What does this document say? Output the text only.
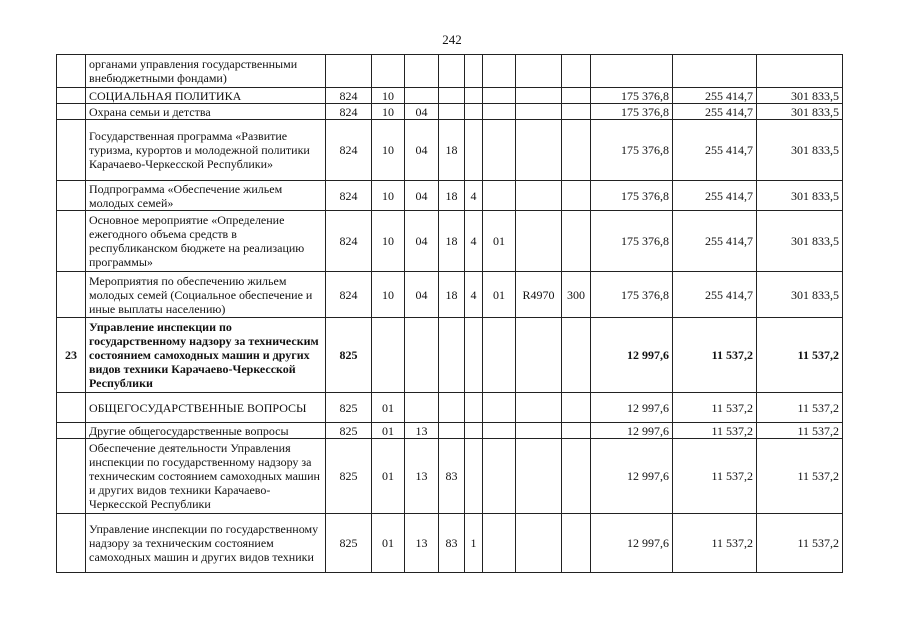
242
	органами управления государственными внебюджетными фондами)											
	СОЦИАЛЬНАЯ ПОЛИТИКА	824	10							175 376,8	255 414,7	301 833,5
	Охрана семьи и детства	824	10	04						175 376,8	255 414,7	301 833,5
	Государственная программа «Развитие туризма, курортов и молодежной политики Карачаево-Черкесской Республики»	824	10	04	18					175 376,8	255 414,7	301 833,5
	Подпрограмма «Обеспечение жильем молодых семей»	824	10	04	18	4				175 376,8	255 414,7	301 833,5
	Основное мероприятие «Определение ежегодного объема средств в республиканском бюджете на реализацию программы»	824	10	04	18	4	01			175 376,8	255 414,7	301 833,5
	Мероприятия по обеспечению жильем молодых семей (Социальное обеспечение и иные выплаты населению)	824	10	04	18	4	01	R4970	300	175 376,8	255 414,7	301 833,5
23	Управление инспекции по государственному надзору за техническим состоянием самоходных машин и других видов техники Карачаево-Черкесской Республики	825								12 997,6	11 537,2	11 537,2
	ОБЩЕГОСУДАРСТВЕННЫЕ ВОПРОСЫ	825	01							12 997,6	11 537,2	11 537,2
	Другие общегосударственные вопросы	825	01	13						12 997,6	11 537,2	11 537,2
	Обеспечение деятельности Управления инспекции по государственному надзору за техническим состоянием самоходных машин и других видов техники Карачаево-Черкесской Республики	825	01	13	83					12 997,6	11 537,2	11 537,2
	Управление инспекции по государственному надзору за техническим состоянием самоходных машин и других видов техники	825	01	13	83	1				12 997,6	11 537,2	11 537,2
